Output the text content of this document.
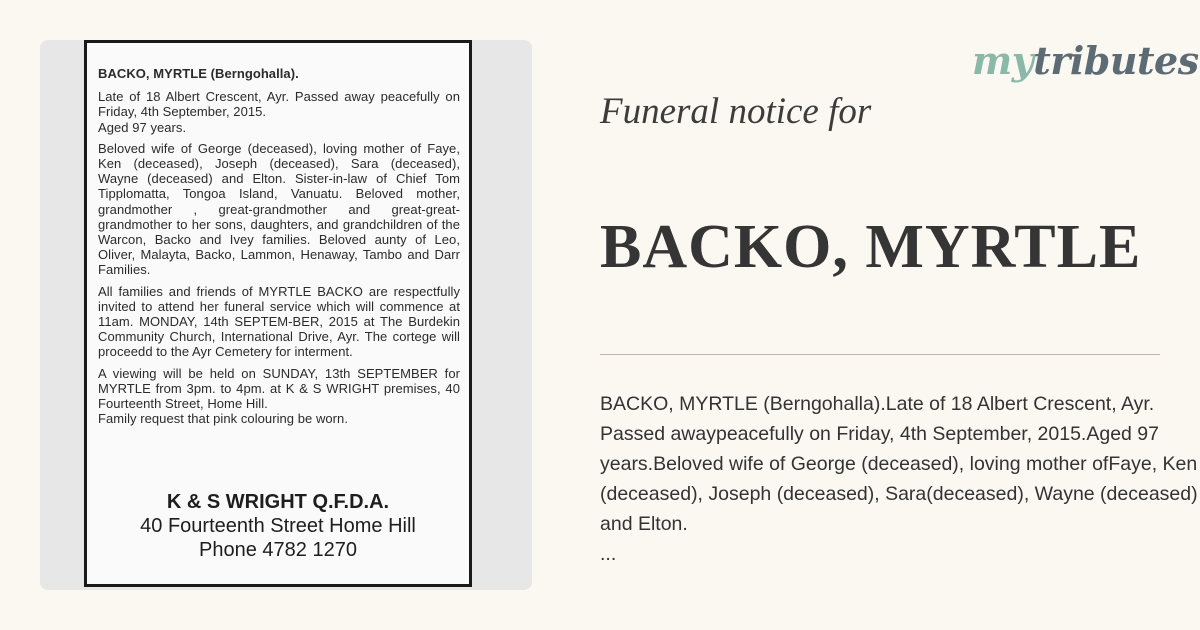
BACKO, MYRTLE (Berngohalla).

Late of 18 Albert Crescent, Ayr. Passed away peacefully on Friday, 4th September, 2015.
Aged 97 years.

Beloved wife of George (deceased), loving mother of Faye, Ken (deceased), Joseph (deceased), Sara (deceased), Wayne (deceased) and Elton. Sister-in-law of Chief Tom Tipplomatta, Tongoa Island, Vanuatu. Beloved mother, grandmother , great-grandmother and great-great-grandmother to her sons, daughters, and grandchildren of the Warcon, Backo and Ivey families. Beloved aunty of Leo, Oliver, Malayta, Backo, Lammon, Henaway, Tambo and Darr Families.

All families and friends of MYRTLE BACKO are respectfully invited to attend her funeral service which will commence at 11am. MONDAY, 14th SEPTEM-BER, 2015 at The Burdekin Community Church, International Drive, Ayr. The cortege will proceedd to the Ayr Cemetery for interment.

A viewing will be held on SUNDAY, 13th SEPTEMBER for MYRTLE from 3pm. to 4pm. at K & S WRIGHT premises, 40 Fourteenth Street, Home Hill.
Family request that pink colouring be worn.

K & S WRIGHT Q.F.D.A.
40 Fourteenth Street Home Hill
Phone 4782 1270
mytributes
Funeral notice for
BACKO, MYRTLE
BACKO, MYRTLE (Berngohalla).Late of 18 Albert Crescent, Ayr. Passed awaypeacefully on Friday, 4th September, 2015.Aged 97 years.Beloved wife of George (deceased), loving mother ofFaye, Ken (deceased), Joseph (deceased), Sara(deceased), Wayne (deceased) and Elton.
...
